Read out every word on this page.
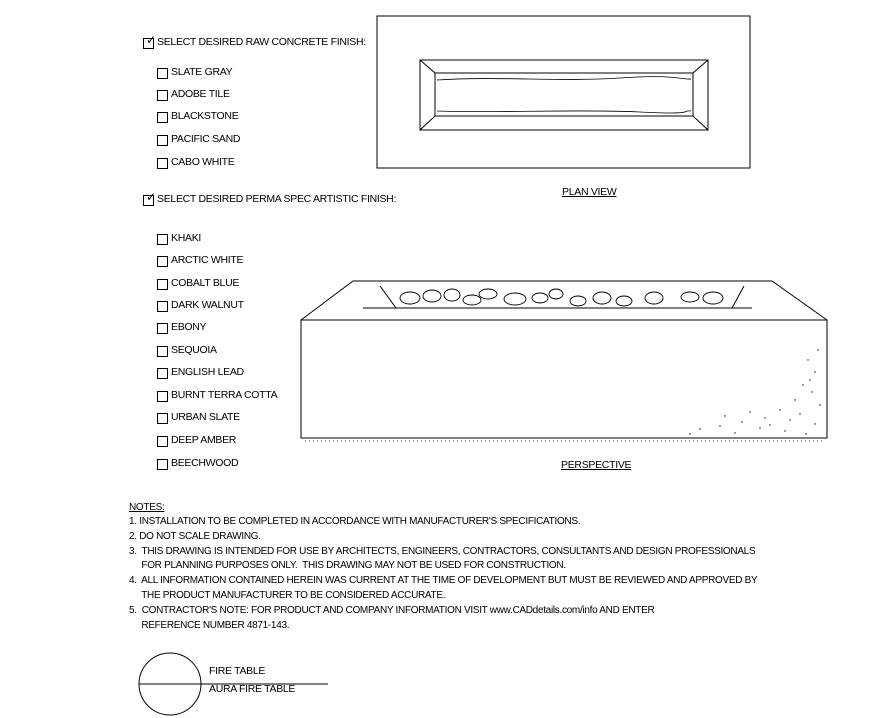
✓ SELECT DESIRED RAW CONCRETE FINISH:
SLATE GRAY
ADOBE TILE
BLACKSTONE
PACIFIC SAND
CABO WHITE
✓ SELECT DESIRED PERMA SPEC ARTISTIC FINISH:
KHAKI
ARCTIC WHITE
COBALT BLUE
DARK WALNUT
EBONY
SEQUOIA
ENGLISH LEAD
BURNT TERRA COTTA
URBAN SLATE
DEEP AMBER
BEECHWOOD
PLAN VIEW
PERSPECTIVE
NOTES:
1. INSTALLATION TO BE COMPLETED IN ACCORDANCE WITH MANUFACTURER'S SPECIFICATIONS.
2. DO NOT SCALE DRAWING.
3.  THIS DRAWING IS INTENDED FOR USE BY ARCHITECTS, ENGINEERS, CONTRACTORS, CONSULTANTS AND DESIGN PROFESSIONALS
FOR PLANNING PURPOSES ONLY.  THIS DRAWING MAY NOT BE USED FOR CONSTRUCTION.
4.  ALL INFORMATION CONTAINED HEREIN WAS CURRENT AT THE TIME OF DEVELOPMENT BUT MUST BE REVIEWED AND APPROVED BY
THE PRODUCT MANUFACTURER TO BE CONSIDERED ACCURATE.
5.  CONTRACTOR'S NOTE: FOR PRODUCT AND COMPANY INFORMATION VISIT www.CADdetails.com/info AND ENTER
REFERENCE NUMBER 4871-143.
FIRE TABLE
AURA FIRE TABLE
